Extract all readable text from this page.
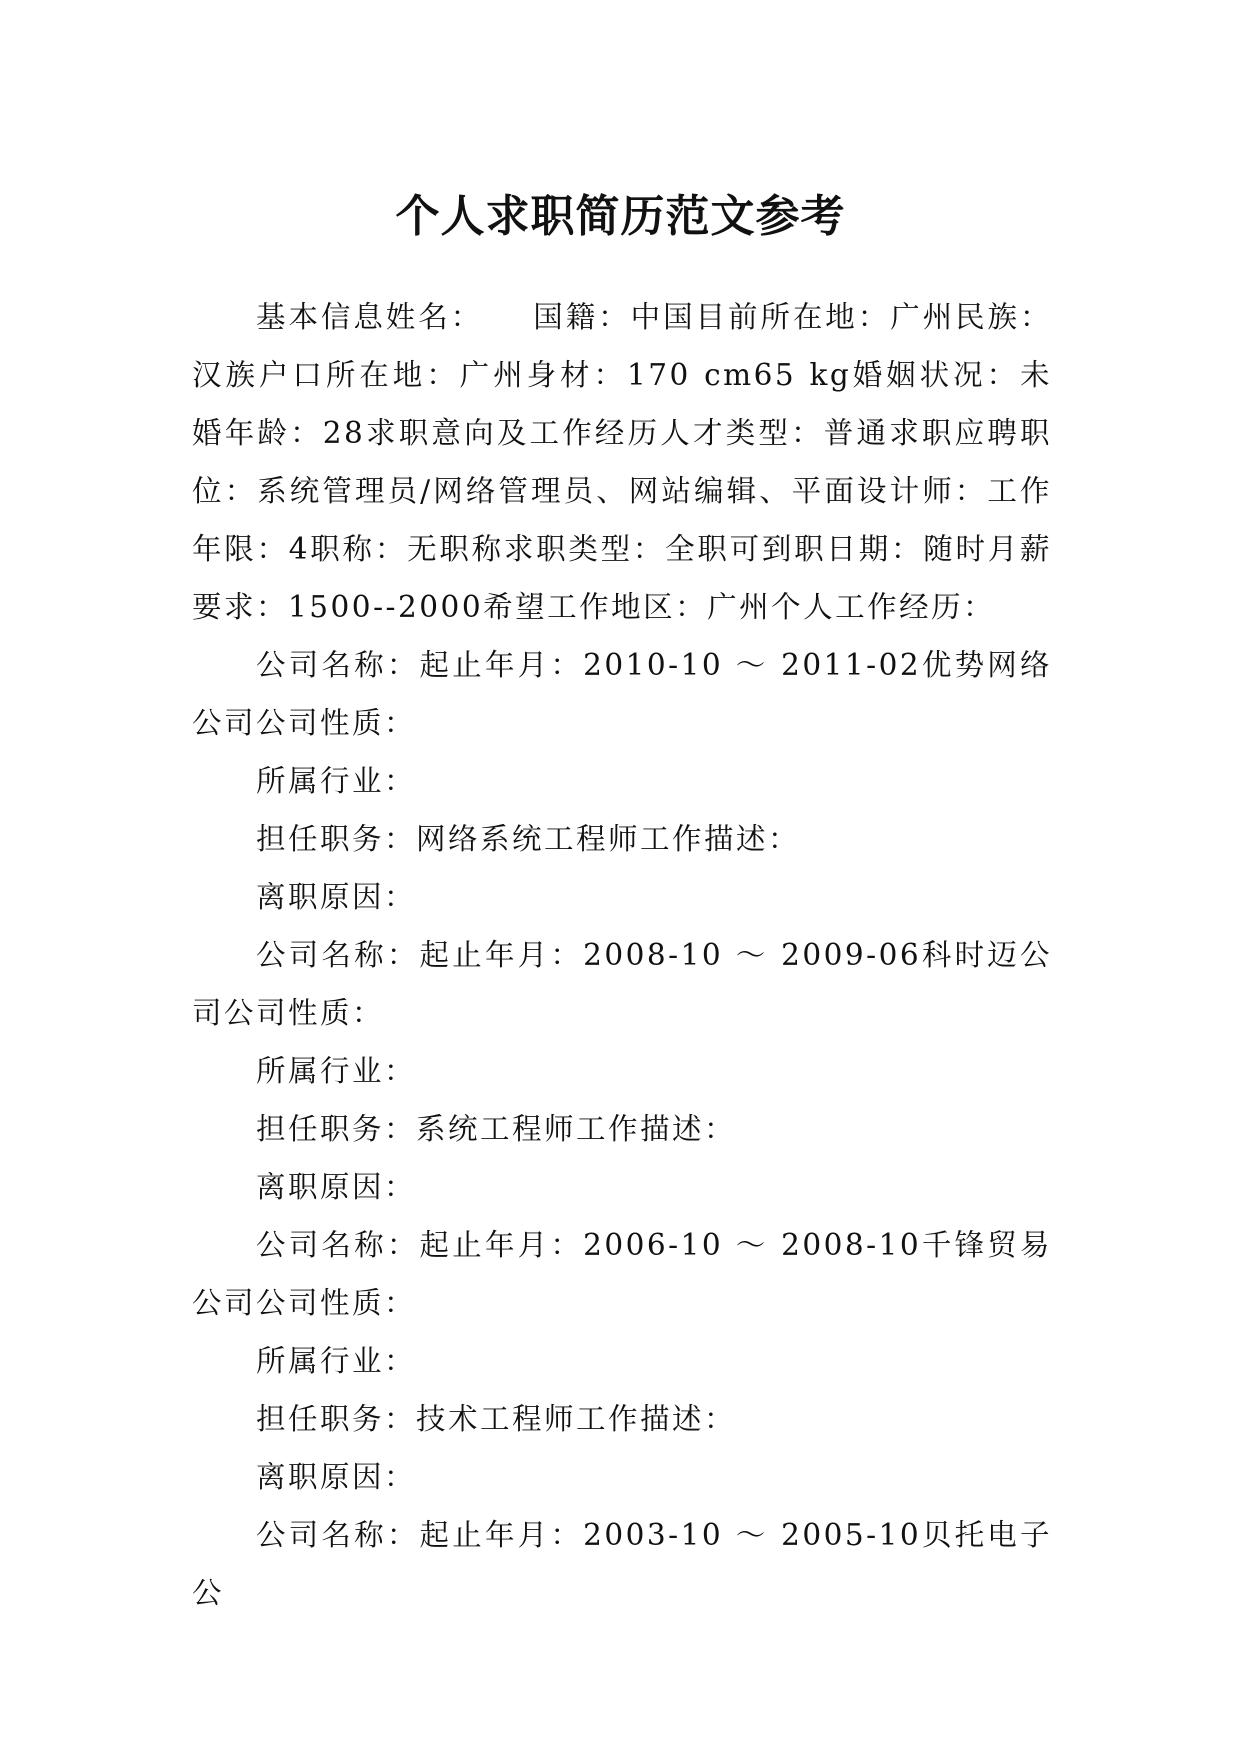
个人求职简历范文参考

基本信息姓名：　　国籍：中国目前所在地：广州民族：汉族户口所在地：广州身材：170 cm65 kg婚姻状况：未婚年龄：28求职意向及工作经历人才类型：普通求职应聘职位：系统管理员/网络管理员、网站编辑、平面设计师：工作年限：4职称：无职称求职类型：全职可到职日期：随时月薪要求：1500--2000希望工作地区：广州个人工作经历：

公司名称：起止年月：2010-10 ～ 2011-02优势网络公司公司性质：

所属行业：

担任职务：网络系统工程师工作描述：

离职原因：

公司名称：起止年月：2008-10 ～ 2009-06科时迈公司公司性质：

所属行业：

担任职务：系统工程师工作描述：

离职原因：

公司名称：起止年月：2006-10 ～ 2008-10千锋贸易公司公司性质：

所属行业：

担任职务：技术工程师工作描述：

离职原因：

公司名称：起止年月：2003-10 ～ 2005-10贝托电子公
